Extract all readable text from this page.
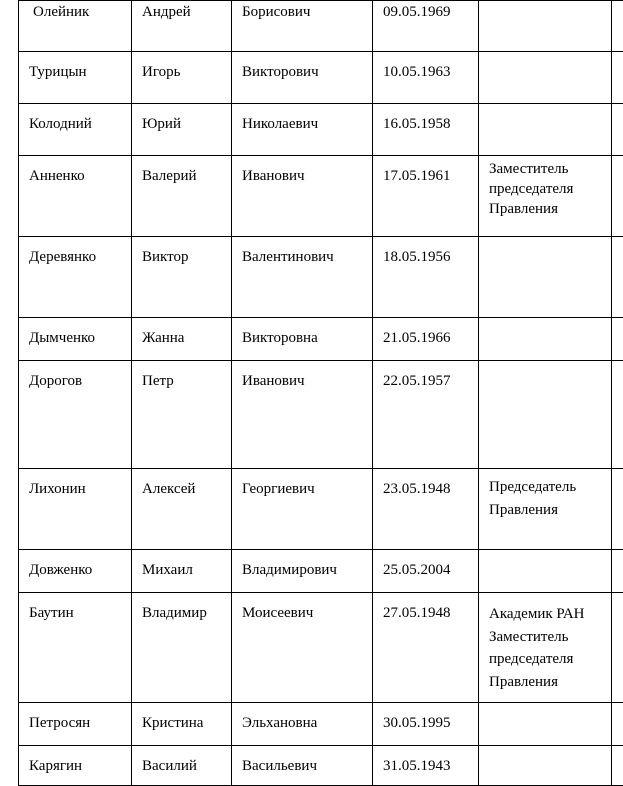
Олейник	Андрей	Борисович	09.05.1969		

Турицын	Игорь	Викторович	10.05.1963		

Колодний	Юрий	Николаевич	16.05.1958		

Анненко	Валерий	Иванович	17.05.1961	Заместитель
председателя
Правления	

Деревянко	Виктор	Валентинович	18.05.1956		

Дымченко	Жанна	Викторовна	21.05.1966		

Дорогов	Петр	Иванович	22.05.1957		

Лихонин	Алексей	Георгиевич	23.05.1948	Председатель
Правления	

Довженко	Михаил	Владимирович	25.05.2004		

Баутин	Владимир	Моисеевич	27.05.1948	Академик РАН
Заместитель
председателя
Правления	

Петросян	Кристина	Эльхановна	30.05.1995		

Карягин	Василий	Васильевич	31.05.1943		
